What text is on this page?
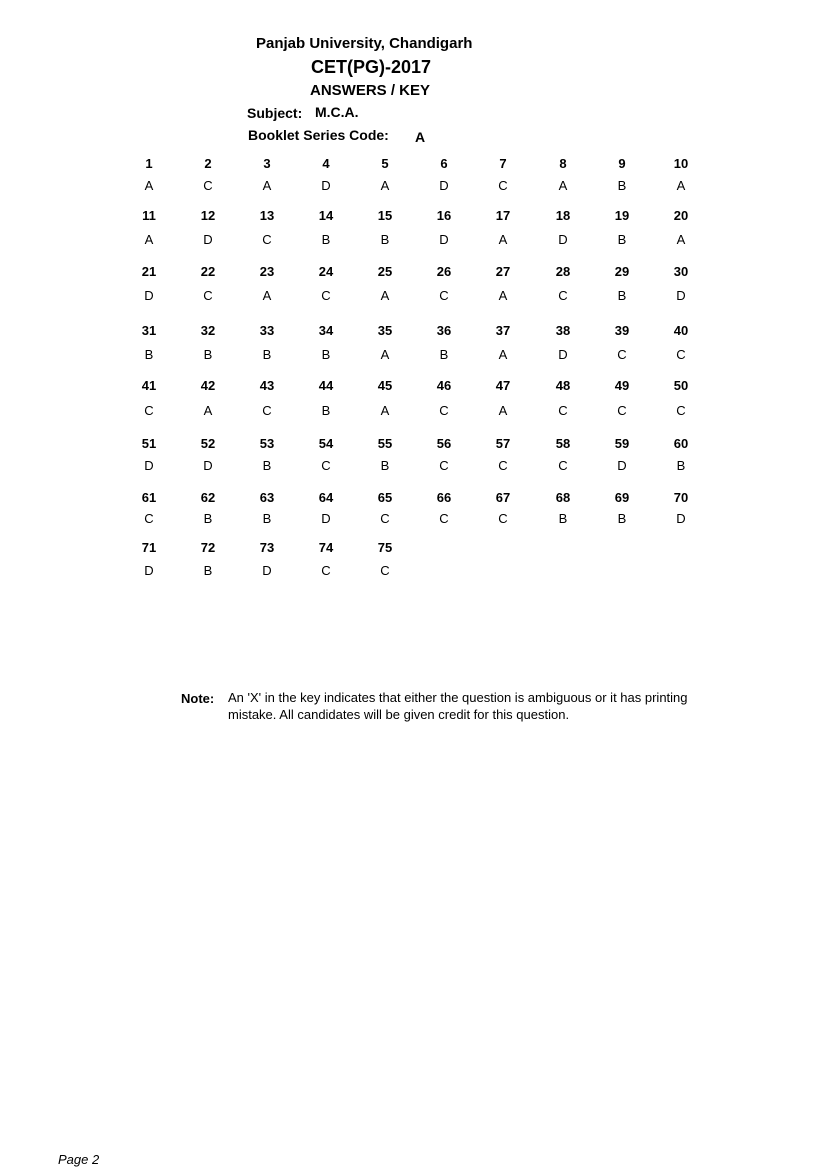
Panjab University, Chandigarh
CET(PG)-2017
ANSWERS / KEY
Subject: M.C.A.
Booklet Series Code: A
1
A
2
C
3
A
4
D
5
A
6
D
7
C
8
A
9
B
10
A
11
A
12
D
13
C
14
B
15
B
16
D
17
A
18
D
19
B
20
A
21
D
22
C
23
A
24
C
25
A
26
C
27
A
28
C
29
B
30
D
31
B
32
B
33
B
34
B
35
A
36
B
37
A
38
D
39
C
40
C
41
C
42
A
43
C
44
B
45
A
46
C
47
A
48
C
49
C
50
C
51
D
52
D
53
B
54
C
55
B
56
C
57
C
58
C
59
D
60
B
61
C
62
B
63
B
64
D
65
C
66
C
67
C
68
B
69
B
70
D
71
D
72
B
73
D
74
C
75
C
Note: An 'X' in the key indicates that either the question is ambiguous or it has printing mistake. All candidates will be given credit for this question.
Page 2
